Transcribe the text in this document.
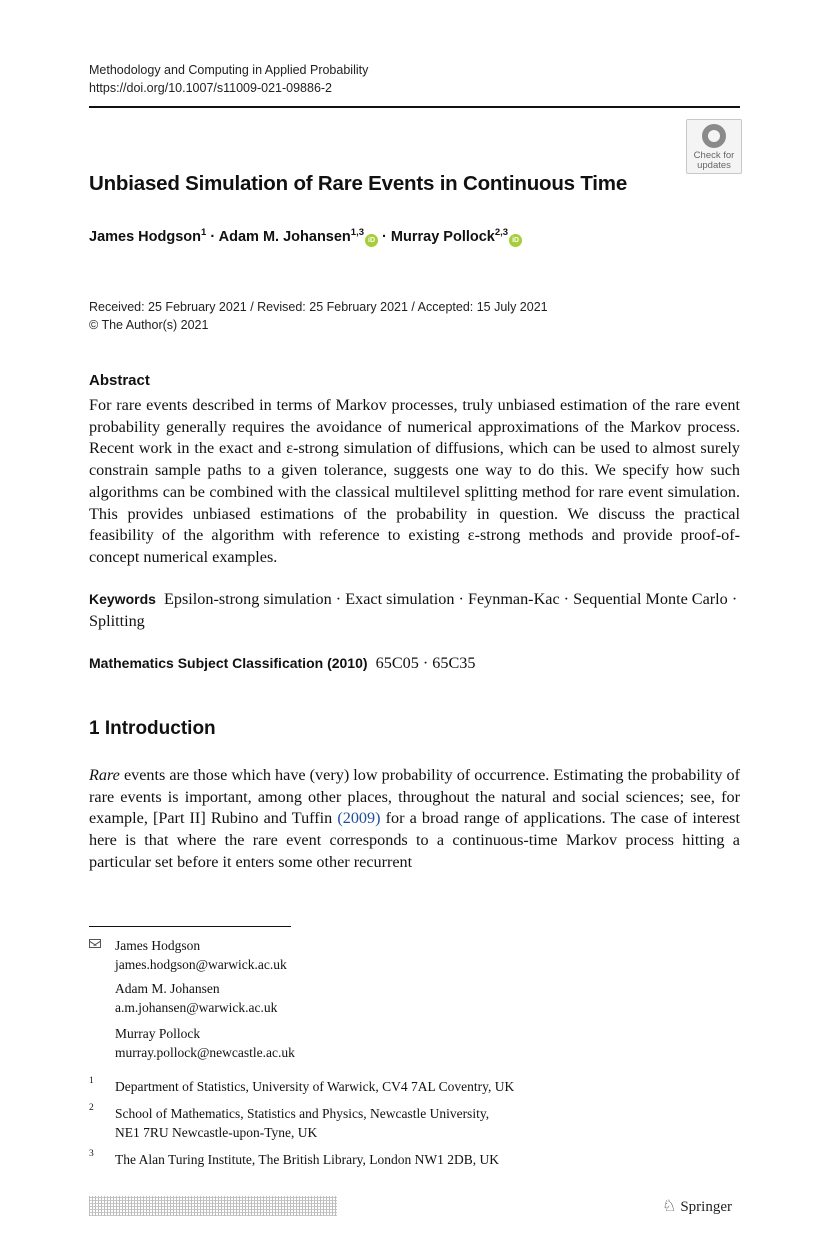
Methodology and Computing in Applied Probability
https://doi.org/10.1007/s11009-021-09886-2
Check for
updates
Unbiased Simulation of Rare Events in Continuous Time
James Hodgson$^1$ · Adam M. Johansen$^{1,3}$iD · Murray Pollock$^{2,3}$iD
Received: 25 February 2021 / Revised: 25 February 2021 / Accepted: 15 July 2021
© The Author(s) 2021
Abstract
For rare events described in terms of Markov processes, truly unbiased estimation of the rare event probability generally requires the avoidance of numerical approximations of the Markov process. Recent work in the exact and ε-strong simulation of diffusions, which can be used to almost surely constrain sample paths to a given tolerance, suggests one way to do this. We specify how such algorithms can be combined with the classical multilevel splitting method for rare event simulation. This provides unbiased estimations of the probability in question. We discuss the practical feasibility of the algorithm with reference to existing ε-strong methods and provide proof-of-concept numerical examples.
Keywords Epsilon-strong simulation · Exact simulation · Feynman-Kac · Sequential Monte Carlo · Splitting
Mathematics Subject Classification (2010) 65C05 · 65C35
1 Introduction
Rare events are those which have (very) low probability of occurrence. Estimating the probability of rare events is important, among other places, throughout the natural and social sciences; see, for example, [Part II] Rubino and Tuffin (2009) for a broad range of applications. The case of interest here is that where the rare event corresponds to a continuous-time Markov process hitting a particular set before it enters some other recurrent
James Hodgson
james.hodgson@warwick.ac.uk
Adam M. Johansen
a.m.johansen@warwick.ac.uk
Murray Pollock
murray.pollock@newcastle.ac.uk
1 Department of Statistics, University of Warwick, CV4 7AL Coventry, UK
2 School of Mathematics, Statistics and Physics, Newcastle University,
NE1 7RU Newcastle-upon-Tyne, UK
3 The Alan Turing Institute, The British Library, London NW1 2DB, UK
♘ Springer
